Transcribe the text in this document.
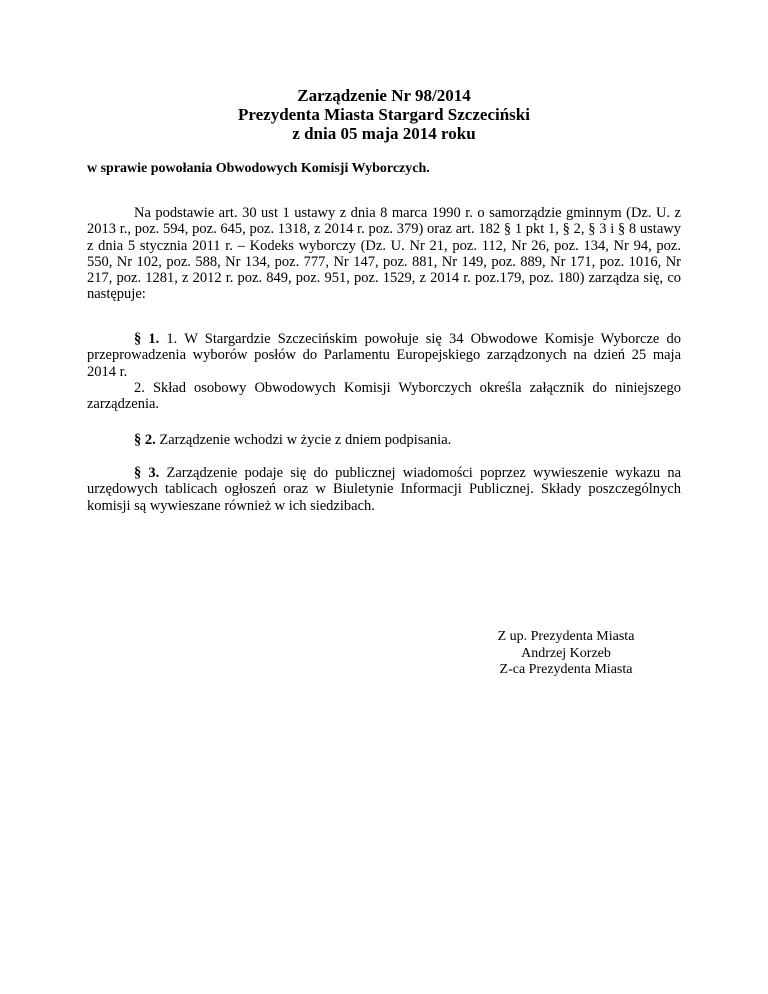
Zarządzenie Nr 98/2014
Prezydenta Miasta Stargard Szczeciński
z dnia 05 maja 2014 roku
w sprawie powołania Obwodowych Komisji Wyborczych.
Na podstawie art. 30 ust 1 ustawy z dnia 8 marca 1990 r. o samorządzie gminnym (Dz. U. z 2013 r., poz. 594, poz. 645, poz. 1318, z 2014 r. poz. 379) oraz art. 182 § 1 pkt 1, § 2, § 3 i § 8 ustawy z dnia 5 stycznia 2011 r. – Kodeks wyborczy (Dz. U. Nr 21, poz. 112, Nr 26, poz. 134, Nr 94, poz. 550, Nr 102, poz. 588, Nr 134, poz. 777, Nr 147, poz. 881, Nr 149, poz. 889, Nr 171, poz. 1016, Nr 217, poz. 1281, z 2012 r. poz. 849, poz. 951, poz. 1529, z 2014 r. poz.179, poz. 180) zarządza się, co następuje:
§ 1. 1. W Stargardzie Szczecińskim powołuje się 34 Obwodowe Komisje Wyborcze do przeprowadzenia wyborów posłów do Parlamentu Europejskiego zarządzonych na dzień 25 maja 2014 r.
2. Skład osobowy Obwodowych Komisji Wyborczych określa załącznik do niniejszego zarządzenia.
§ 2. Zarządzenie wchodzi w życie z dniem podpisania.
§ 3. Zarządzenie podaje się do publicznej wiadomości poprzez wywieszenie wykazu na urzędowych tablicach ogłoszeń oraz w Biuletynie Informacji Publicznej. Składy poszczególnych komisji są wywieszane również w ich siedzibach.
Z up. Prezydenta Miasta
Andrzej Korzeb
Z-ca Prezydenta Miasta
